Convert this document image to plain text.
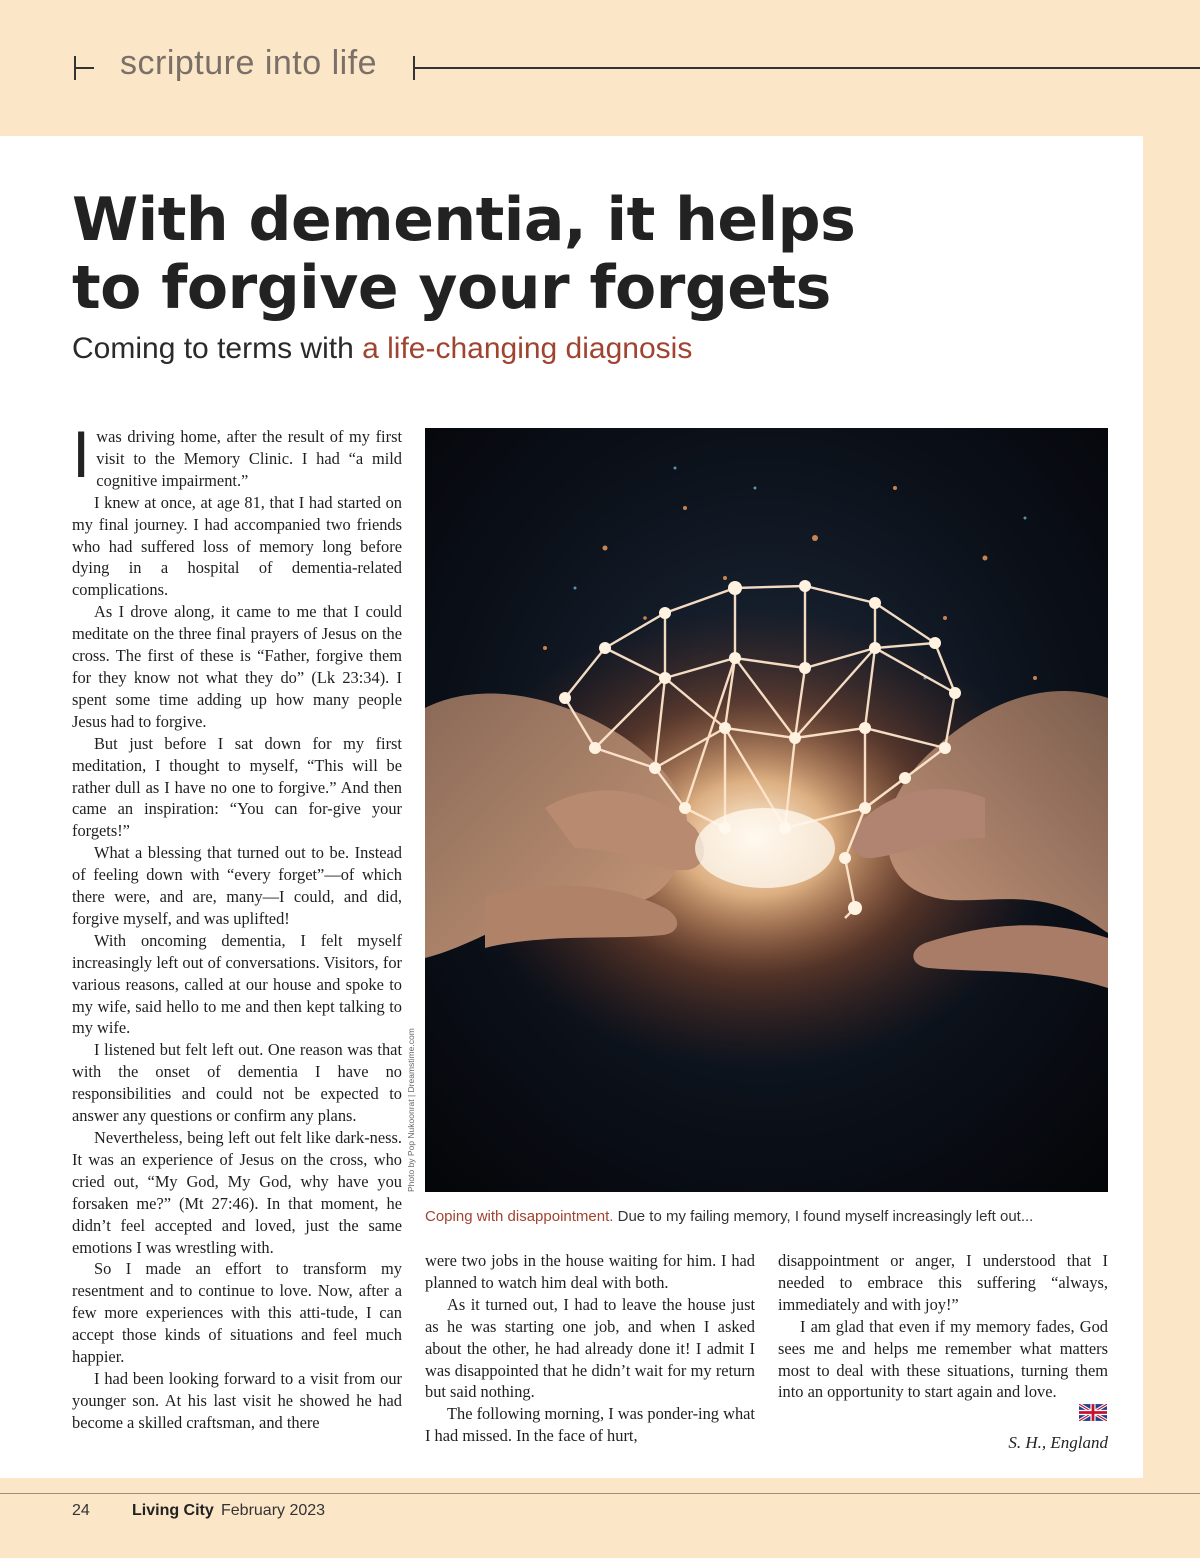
scripture into life
With dementia, it helps to forgive your forgets
Coming to terms with a life-changing diagnosis

Iwas driving home, after the result of my first visit to the Memory Clinic. I had “a mild cognitive impairment.”

I knew at once, at age 81, that I had started on my final journey. I had accompanied two friends who had suffered loss of memory long before dying in a hospital of dementia-related complications.

As I drove along, it came to me that I could meditate on the three final prayers of Jesus on the cross. The first of these is “Father, forgive them for they know not what they do” (Lk 23:34). I spent some time adding up how many people Jesus had to forgive.

But just before I sat down for my first meditation, I thought to myself, “This will be rather dull as I have no one to forgive.” And then came an inspiration: “You can for-give your forgets!”

What a blessing that turned out to be. Instead of feeling down with “every forget”—of which there were, and are, many—I could, and did, forgive myself, and was uplifted!

With oncoming dementia, I felt myself increasingly left out of conversations. Visitors, for various reasons, called at our house and spoke to my wife, said hello to me and then kept talking to my wife.

I listened but felt left out. One reason was that with the onset of dementia I have no responsibilities and could not be expected to answer any questions or confirm any plans.

Nevertheless, being left out felt like dark-ness. It was an experience of Jesus on the cross, who cried out, “My God, My God, why have you forsaken me?” (Mt 27:46). In that moment, he didn’t feel accepted and loved, just the same emotions I was wrestling with.

So I made an effort to transform my resentment and to continue to love. Now, after a few more experiences with this atti-tude, I can accept those kinds of situations and feel much happier.

I had been looking forward to a visit from our younger son. At his last visit he showed he had become a skilled craftsman, and there

Photo by Pop Nukoonrat | Dreamstime.com
Coping with disappointment. Due to my failing memory, I found myself increasingly left out...

were two jobs in the house waiting for him. I had planned to watch him deal with both.

As it turned out, I had to leave the house just as he was starting one job, and when I asked about the other, he had already done it! I admit I was disappointed that he didn’t wait for my return but said nothing.

The following morning, I was ponder-ing what I had missed. In the face of hurt,

disappointment or anger, I understood that I needed to embrace this suffering “always, immediately and with joy!”

I am glad that even if my memory fades, God sees me and helps me remember what matters most to deal with these situations, turning them into an opportunity to start again and love.

S. H., England
24	Living City February 2023
